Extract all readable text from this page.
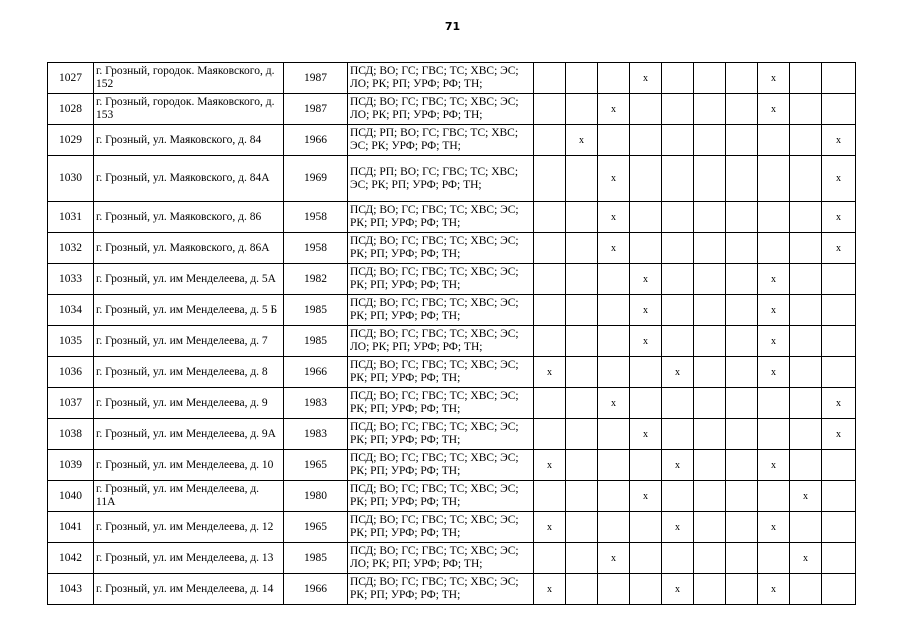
71
1027	г. Грозный, городок. Маяковского, д. 152	1987	ПСД; ВО; ГС; ГВС; ТС; ХВС; ЭС; ЛО; РК; РП; УРФ; РФ; ТН;				x				x		
1028	г. Грозный, городок. Маяковского, д. 153	1987	ПСД; ВО; ГС; ГВС; ТС; ХВС; ЭС; ЛО; РК; РП; УРФ; РФ; ТН;			x					x		
1029	г. Грозный, ул. Маяковского, д. 84	1966	ПСД; РП; ВО; ГС; ГВС; ТС; ХВС; ЭС; РК; УРФ; РФ; ТН;		x								x
1030	г. Грозный, ул. Маяковского, д. 84А	1969	ПСД; РП; ВО; ГС; ГВС; ТС; ХВС; ЭС; РК; РП; УРФ; РФ; ТН;			x							x
1031	г. Грозный, ул. Маяковского, д. 86	1958	ПСД; ВО; ГС; ГВС; ТС; ХВС; ЭС; РК; РП; УРФ; РФ; ТН;			x							x
1032	г. Грозный, ул. Маяковского, д. 86А	1958	ПСД; ВО; ГС; ГВС; ТС; ХВС; ЭС; РК; РП; УРФ; РФ; ТН;			x							x
1033	г. Грозный, ул. им Менделеева, д. 5А	1982	ПСД; ВО; ГС; ГВС; ТС; ХВС; ЭС; РК; РП; УРФ; РФ; ТН;				x				x		
1034	г. Грозный, ул. им Менделеева, д. 5 Б	1985	ПСД; ВО; ГС; ГВС; ТС; ХВС; ЭС; РК; РП; УРФ; РФ; ТН;				x				x		
1035	г. Грозный, ул. им Менделеева, д. 7	1985	ПСД; ВО; ГС; ГВС; ТС; ХВС; ЭС; ЛО; РК; РП; УРФ; РФ; ТН;				x				x		
1036	г. Грозный, ул. им Менделеева, д. 8	1966	ПСД; ВО; ГС; ГВС; ТС; ХВС; ЭС; РК; РП; УРФ; РФ; ТН;	x				x			x		
1037	г. Грозный, ул. им Менделеева, д. 9	1983	ПСД; ВО; ГС; ГВС; ТС; ХВС; ЭС; РК; РП; УРФ; РФ; ТН;			x							x
1038	г. Грозный, ул. им Менделеева, д. 9А	1983	ПСД; ВО; ГС; ГВС; ТС; ХВС; ЭС; РК; РП; УРФ; РФ; ТН;				x						x
1039	г. Грозный, ул. им Менделеева, д. 10	1965	ПСД; ВО; ГС; ГВС; ТС; ХВС; ЭС; РК; РП; УРФ; РФ; ТН;	x				x			x		
1040	г. Грозный, ул. им Менделеева, д. 11А	1980	ПСД; ВО; ГС; ГВС; ТС; ХВС; ЭС; РК; РП; УРФ; РФ; ТН;				x					x	
1041	г. Грозный, ул. им Менделеева, д. 12	1965	ПСД; ВО; ГС; ГВС; ТС; ХВС; ЭС; РК; РП; УРФ; РФ; ТН;	x				x			x		
1042	г. Грозный, ул. им Менделеева, д. 13	1985	ПСД; ВО; ГС; ГВС; ТС; ХВС; ЭС; ЛО; РК; РП; УРФ; РФ; ТН;			x						x	
1043	г. Грозный, ул. им Менделеева, д. 14	1966	ПСД; ВО; ГС; ГВС; ТС; ХВС; ЭС; РК; РП; УРФ; РФ; ТН;	x				x			x		
